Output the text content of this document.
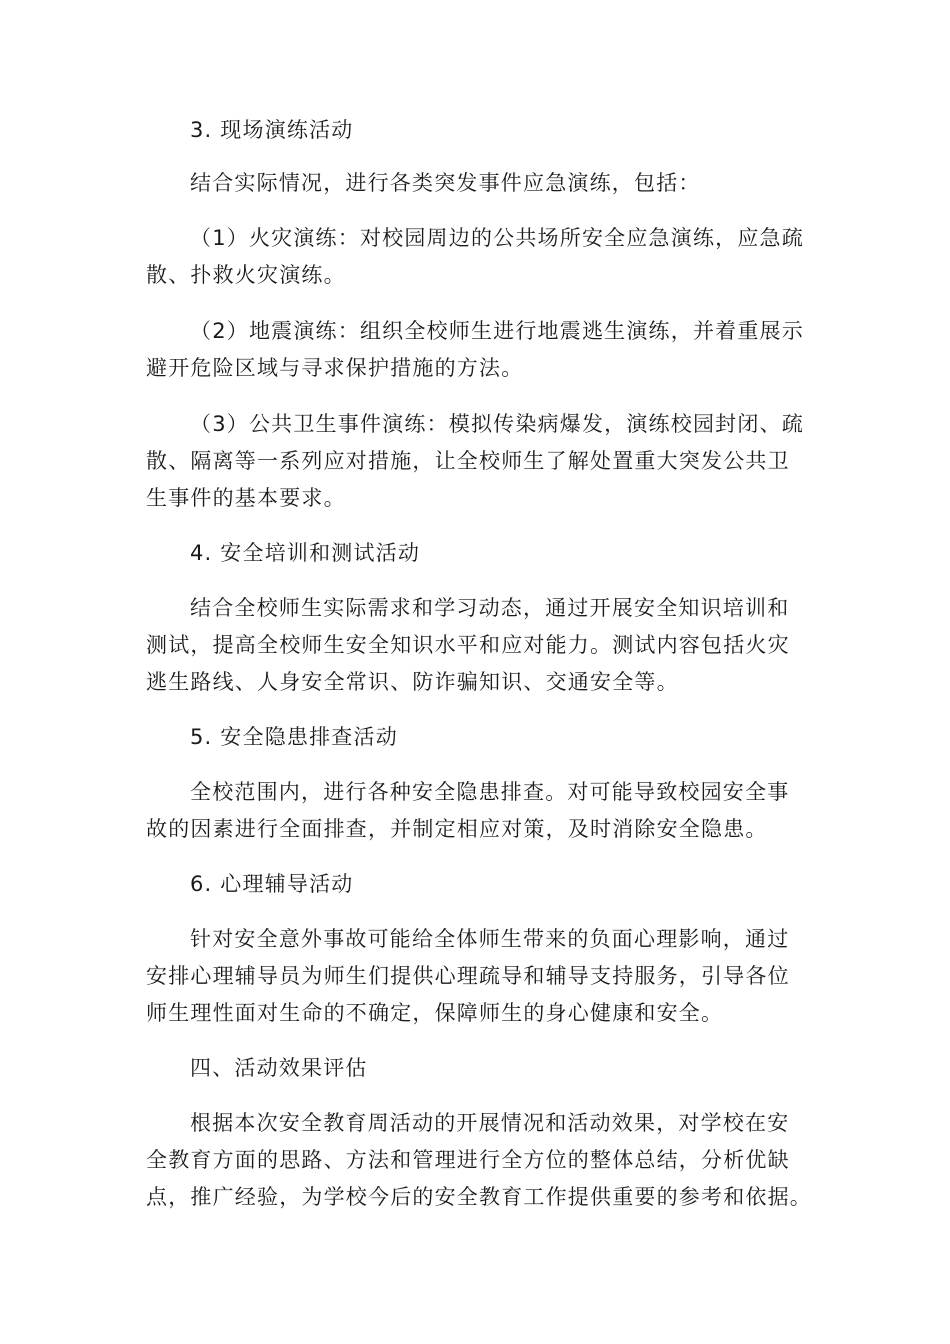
3. 现场演练活动
结合实际情况，进行各类突发事件应急演练，包括：
（1）火灾演练：对校园周边的公共场所安全应急演练，应急疏
散、扑救火灾演练。
（2）地震演练：组织全校师生进行地震逃生演练，并着重展示
避开危险区域与寻求保护措施的方法。
（3）公共卫生事件演练：模拟传染病爆发，演练校园封闭、疏
散、隔离等一系列应对措施，让全校师生了解处置重大突发公共卫
生事件的基本要求。
4. 安全培训和测试活动
结合全校师生实际需求和学习动态，通过开展安全知识培训和
测试，提高全校师生安全知识水平和应对能力。测试内容包括火灾
逃生路线、人身安全常识、防诈骗知识、交通安全等。
5. 安全隐患排查活动
全校范围内，进行各种安全隐患排查。对可能导致校园安全事
故的因素进行全面排查，并制定相应对策，及时消除安全隐患。
6. 心理辅导活动
针对安全意外事故可能给全体师生带来的负面心理影响，通过
安排心理辅导员为师生们提供心理疏导和辅导支持服务，引导各位
师生理性面对生命的不确定，保障师生的身心健康和安全。
四、活动效果评估
根据本次安全教育周活动的开展情况和活动效果，对学校在安
全教育方面的思路、方法和管理进行全方位的整体总结，分析优缺
点，推广经验，为学校今后的安全教育工作提供重要的参考和依据。
